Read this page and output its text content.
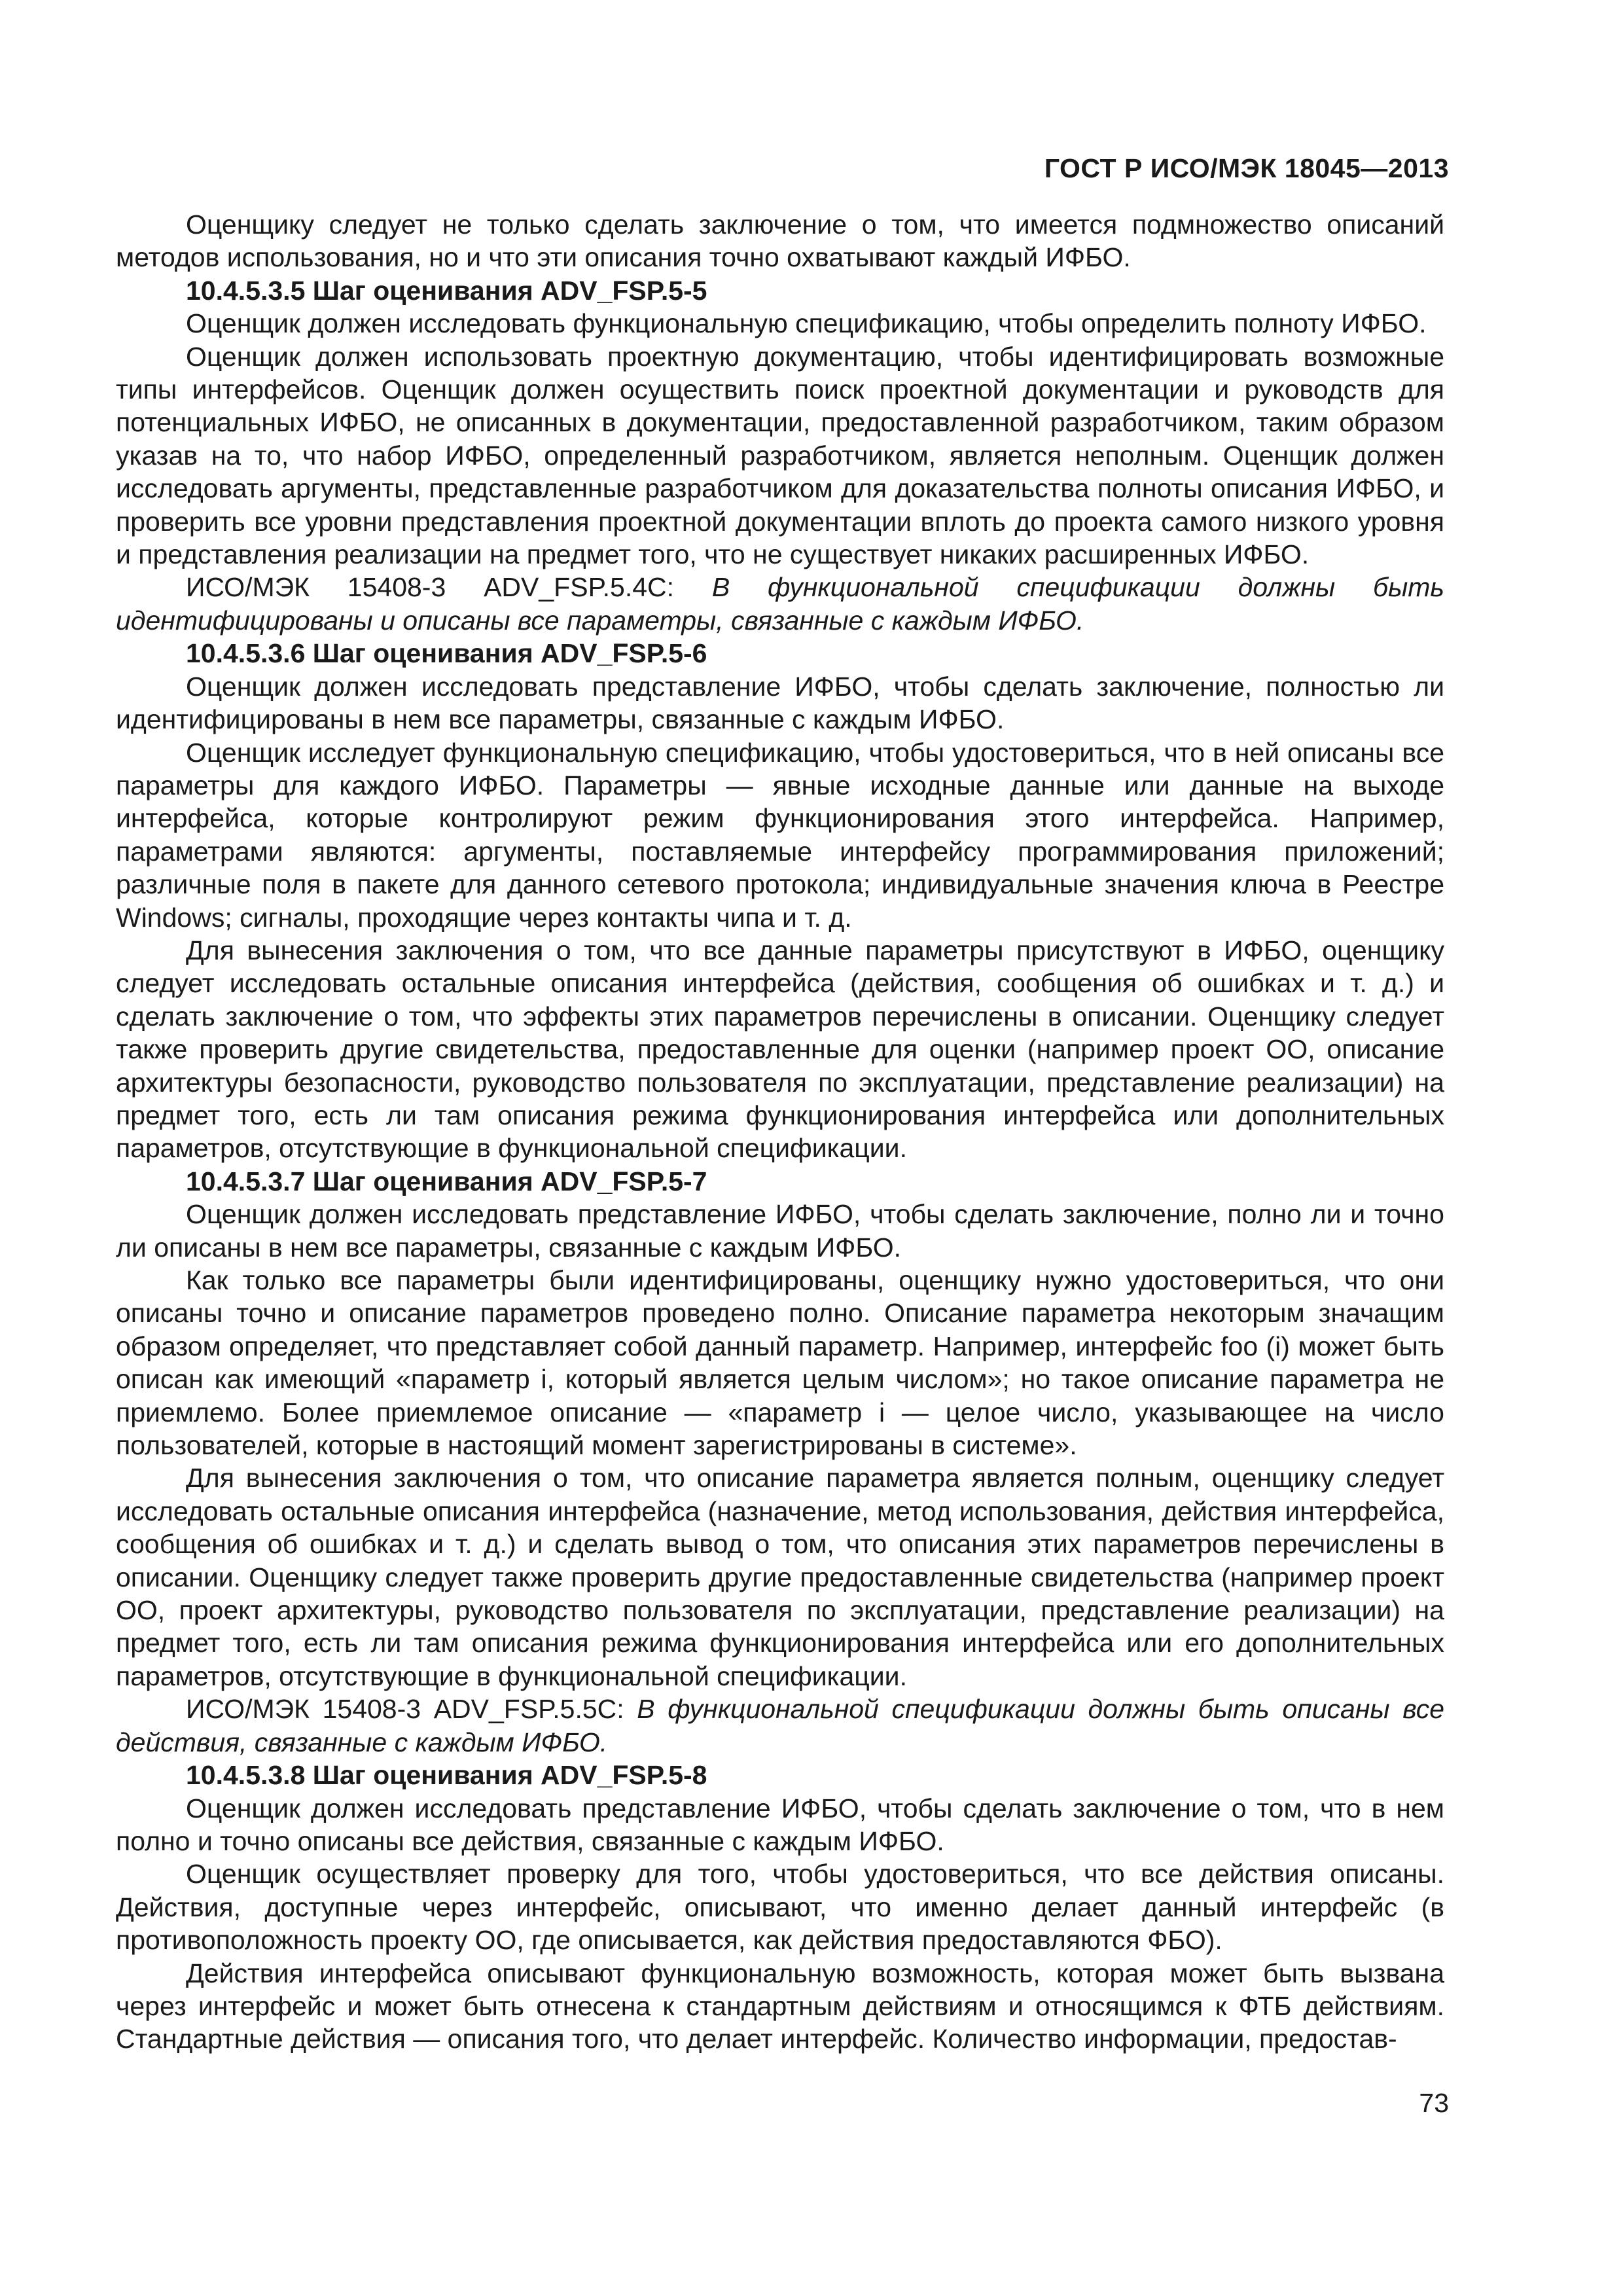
ГОСТ Р ИСО/МЭК 18045—2013

Оценщику следует не только сделать заключение о том, что имеется подмножество описаний методов использования, но и что эти описания точно охватывают каждый ИФБО.

10.4.5.3.5 Шаг оценивания ADV_FSP.5-5

Оценщик должен исследовать функциональную спецификацию, чтобы определить полноту ИФБО.

Оценщик должен использовать проектную документацию, чтобы идентифицировать возможные типы интерфейсов. Оценщик должен осуществить поиск проектной документации и руководств для потенциальных ИФБО, не описанных в документации, предоставленной разработчиком, таким образом указав на то, что набор ИФБО, определенный разработчиком, является неполным. Оценщик должен исследовать аргументы, представленные разработчиком для доказательства полноты описания ИФБО, и проверить все уровни представления проектной документации вплоть до проекта самого низкого уровня и представления реализации на предмет того, что не существует никаких расширенных ИФБО.

ИСО/МЭК 15408-3 ADV_FSP.5.4C: В функциональной спецификации должны быть идентифицированы и описаны все параметры, связанные с каждым ИФБО.

10.4.5.3.6 Шаг оценивания ADV_FSP.5-6

Оценщик должен исследовать представление ИФБО, чтобы сделать заключение, полностью ли идентифицированы в нем все параметры, связанные с каждым ИФБО.

Оценщик исследует функциональную спецификацию, чтобы удостовериться, что в ней описаны все параметры для каждого ИФБО. Параметры — явные исходные данные или данные на выходе интерфейса, которые контролируют режим функционирования этого интерфейса. Например, параметрами являются: аргументы, поставляемые интерфейсу программирования приложений; различные поля в пакете для данного сетевого протокола; индивидуальные значения ключа в Реестре Windows; сигналы, проходящие через контакты чипа и т. д.

Для вынесения заключения о том, что все данные параметры присутствуют в ИФБО, оценщику следует исследовать остальные описания интерфейса (действия, сообщения об ошибках и т. д.) и сделать заключение о том, что эффекты этих параметров перечислены в описании. Оценщику следует также проверить другие свидетельства, предоставленные для оценки (например проект ОО, описание архитектуры безопасности, руководство пользователя по эксплуатации, представление реализации) на предмет того, есть ли там описания режима функционирования интерфейса или дополнительных параметров, отсутствующие в функциональной спецификации.

10.4.5.3.7 Шаг оценивания ADV_FSP.5-7

Оценщик должен исследовать представление ИФБО, чтобы сделать заключение, полно ли и точно ли описаны в нем все параметры, связанные с каждым ИФБО.

Как только все параметры были идентифицированы, оценщику нужно удостовериться, что они описаны точно и описание параметров проведено полно. Описание параметра некоторым значащим образом определяет, что представляет собой данный параметр. Например, интерфейс foo (i) может быть описан как имеющий «параметр i, который является целым числом»; но такое описание параметра не приемлемо. Более приемлемое описание — «параметр i — целое число, указывающее на число пользователей, которые в настоящий момент зарегистрированы в системе».

Для вынесения заключения о том, что описание параметра является полным, оценщику следует исследовать остальные описания интерфейса (назначение, метод использования, действия интерфейса, сообщения об ошибках и т. д.) и сделать вывод о том, что описания этих параметров перечислены в описании. Оценщику следует также проверить другие предоставленные свидетельства (например проект ОО, проект архитектуры, руководство пользователя по эксплуатации, представление реализации) на предмет того, есть ли там описания режима функционирования интерфейса или его дополнительных параметров, отсутствующие в функциональной спецификации.

ИСО/МЭК 15408-3 ADV_FSP.5.5C: В функциональной спецификации должны быть описаны все действия, связанные с каждым ИФБО.

10.4.5.3.8 Шаг оценивания ADV_FSP.5-8

Оценщик должен исследовать представление ИФБО, чтобы сделать заключение о том, что в нем полно и точно описаны все действия, связанные с каждым ИФБО.

Оценщик осуществляет проверку для того, чтобы удостовериться, что все действия описаны. Действия, доступные через интерфейс, описывают, что именно делает данный интерфейс (в противоположность проекту ОО, где описывается, как действия предоставляются ФБО).

Действия интерфейса описывают функциональную возможность, которая может быть вызвана через интерфейс и может быть отнесена к стандартным действиям и относящимся к ФТБ действиям. Стандартные действия — описания того, что делает интерфейс. Количество информации, предостав-

73
